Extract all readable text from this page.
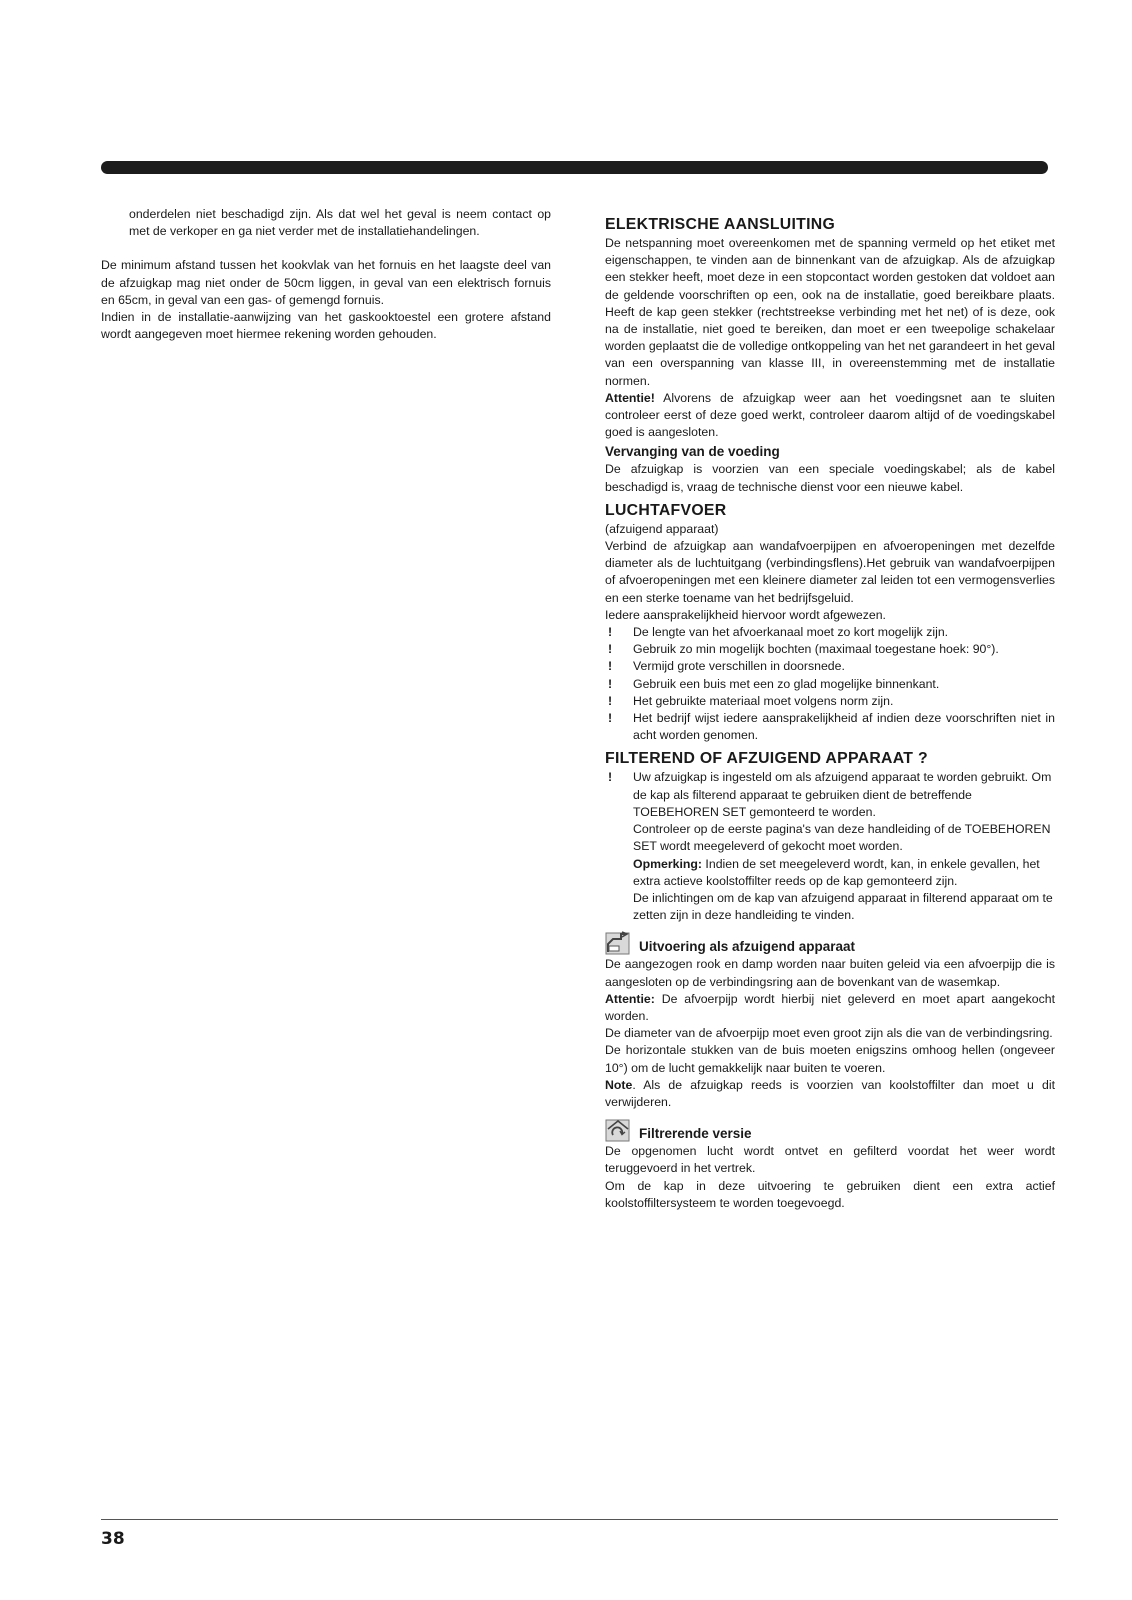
onderdelen niet beschadigd zijn. Als dat wel het geval is neem contact op met de verkoper en ga niet verder met de installatiehandelingen.

De minimum afstand tussen het kookvlak van het fornuis en het laagste deel van de afzuigkap mag niet onder de 50cm liggen, in geval van een elektrisch fornuis en 65cm, in geval van een gas- of gemengd fornuis.

Indien in de installatie-aanwijzing van het gaskooktoestel een grotere afstand wordt aangegeven moet hiermee rekening worden gehouden.

ELEKTRISCHE AANSLUITING

De netspanning moet overeenkomen met de spanning vermeld op het etiket met eigenschappen, te vinden aan de binnenkant van de afzuigkap. Als de afzuigkap een stekker heeft, moet deze in een stopcontact worden gestoken dat voldoet aan de geldende voorschriften op een, ook na de installatie, goed bereikbare plaats. Heeft de kap geen stekker (rechtstreekse verbinding met het net) of is deze, ook na de installatie, niet goed te bereiken, dan moet er een tweepolige schakelaar worden geplaatst die de volledige ontkoppeling van het net garandeert in het geval van een overspanning van klasse III, in overeenstemming met de installatie normen.

Attentie! Alvorens de afzuigkap weer aan het voedingsnet aan te sluiten controleer eerst of deze goed werkt, controleer daarom altijd of de voedingskabel goed is aangesloten.

Vervanging van de voeding

De afzuigkap is voorzien van een speciale voedingskabel; als de kabel beschadigd is, vraag de technische dienst voor een nieuwe kabel.

LUCHTAFVOER

(afzuigend apparaat)

Verbind de afzuigkap aan wandafvoerpijpen en afvoeropeningen met dezelfde diameter als de luchtuitgang (verbindingsflens).Het gebruik van wandafvoerpijpen of afvoeropeningen met een kleinere diameter zal leiden tot een vermogensverlies en een sterke toename van het bedrijfsgeluid.

Iedere aansprakelijkheid hiervoor wordt afgewezen.

! De lengte van het afvoerkanaal moet zo kort mogelijk zijn.
! Gebruik zo min mogelijk bochten (maximaal toegestane hoek: 90°).
! Vermijd grote verschillen in doorsnede.
! Gebruik een buis met een zo glad mogelijke binnenkant.
! Het gebruikte materiaal moet volgens norm zijn.
! Het bedrijf wijst iedere aansprakelijkheid af indien deze voorschriften niet in acht worden genomen.
FILTEREND OF AFZUIGEND APPARAAT ?
! Uw afzuigkap is ingesteld om als afzuigend apparaat te worden gebruikt. Om de kap als filterend apparaat te gebruiken dient de betreffende TOEBEHOREN SET gemonteerd te worden.

Controleer op de eerste pagina's van deze handleiding of de TOEBEHOREN SET wordt meegeleverd of gekocht moet worden.

Opmerking: Indien de set meegeleverd wordt, kan, in enkele gevallen, het extra actieve koolstoffilter reeds op de kap gemonteerd zijn.

De inlichtingen om de kap van afzuigend apparaat in filterend apparaat om te zetten zijn in deze handleiding te vinden.

Uitvoering als afzuigend apparaat

De aangezogen rook en damp worden naar buiten geleid via een afvoerpijp die is aangesloten op de verbindingsring aan de bovenkant van de wasemkap.

Attentie: De afvoerpijp wordt hierbij niet geleverd en moet apart aangekocht worden.

De diameter van de afvoerpijp moet even groot zijn als die van de verbindingsring.

De horizontale stukken van de buis moeten enigszins omhoog hellen (ongeveer 10°) om de lucht gemakkelijk naar buiten te voeren.

Note. Als de afzuigkap reeds is voorzien van koolstoffilter dan moet u dit verwijderen.

Filtrerende versie

De opgenomen lucht wordt ontvet en gefilterd voordat het weer wordt teruggevoerd in het vertrek.

Om de kap in deze uitvoering te gebruiken dient een extra actief koolstoffiltersysteem te worden toegevoegd.

38
